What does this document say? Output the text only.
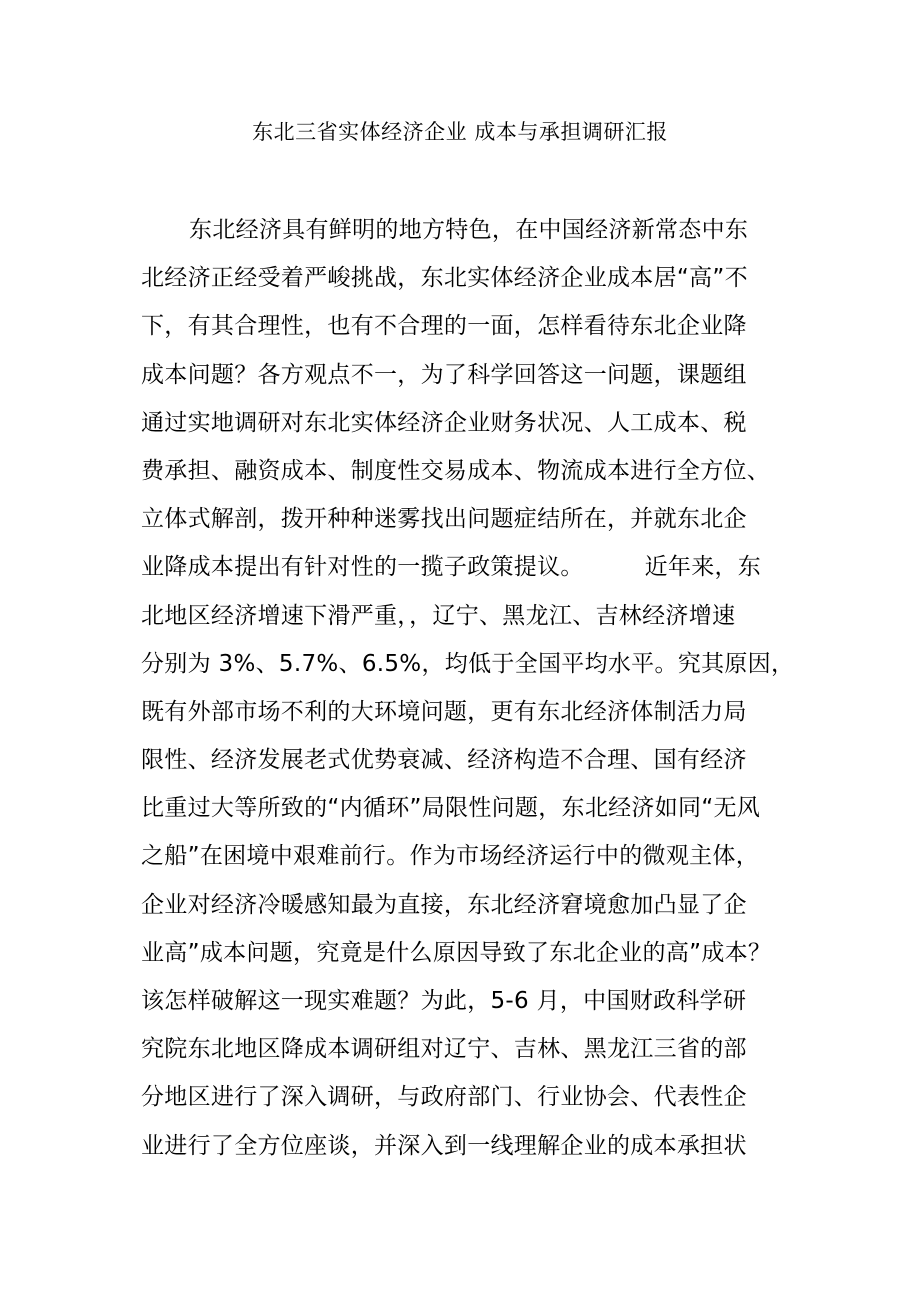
东北三省实体经济企业 成本与承担调研汇报
东北经济具有鲜明的地方特色，在中国经济新常态中东
北经济正经受着严峻挑战，东北实体经济企业成本居“高”不
下，有其合理性，也有不合理的一面，怎样看待东北企业降
成本问题？各方观点不一，为了科学回答这一问题，课题组
通过实地调研对东北实体经济企业财务状况、人工成本、税
费承担、融资成本、制度性交易成本、物流成本进行全方位、
立体式解剖，拨开种种迷雾找出问题症结所在，并就东北企
业降成本提出有针对性的一揽子政策提议。        近年来，东
北地区经济增速下滑严重，，辽宁、黑龙江、吉林经济增速
分别为 3%、5.7%、6.5%，均低于全国平均水平。究其原因，
既有外部市场不利的大环境问题，更有东北经济体制活力局
限性、经济发展老式优势衰减、经济构造不合理、国有经济
比重过大等所致的“内循环”局限性问题，东北经济如同“无风
之船”在困境中艰难前行。作为市场经济运行中的微观主体，
企业对经济冷暖感知最为直接，东北经济窘境愈加凸显了企
业高”成本问题，究竟是什么原因导致了东北企业的高”成本？
该怎样破解这一现实难题？为此，5-6 月，中国财政科学研
究院东北地区降成本调研组对辽宁、吉林、黑龙江三省的部
分地区进行了深入调研，与政府部门、行业协会、代表性企
业进行了全方位座谈，并深入到一线理解企业的成本承担状
